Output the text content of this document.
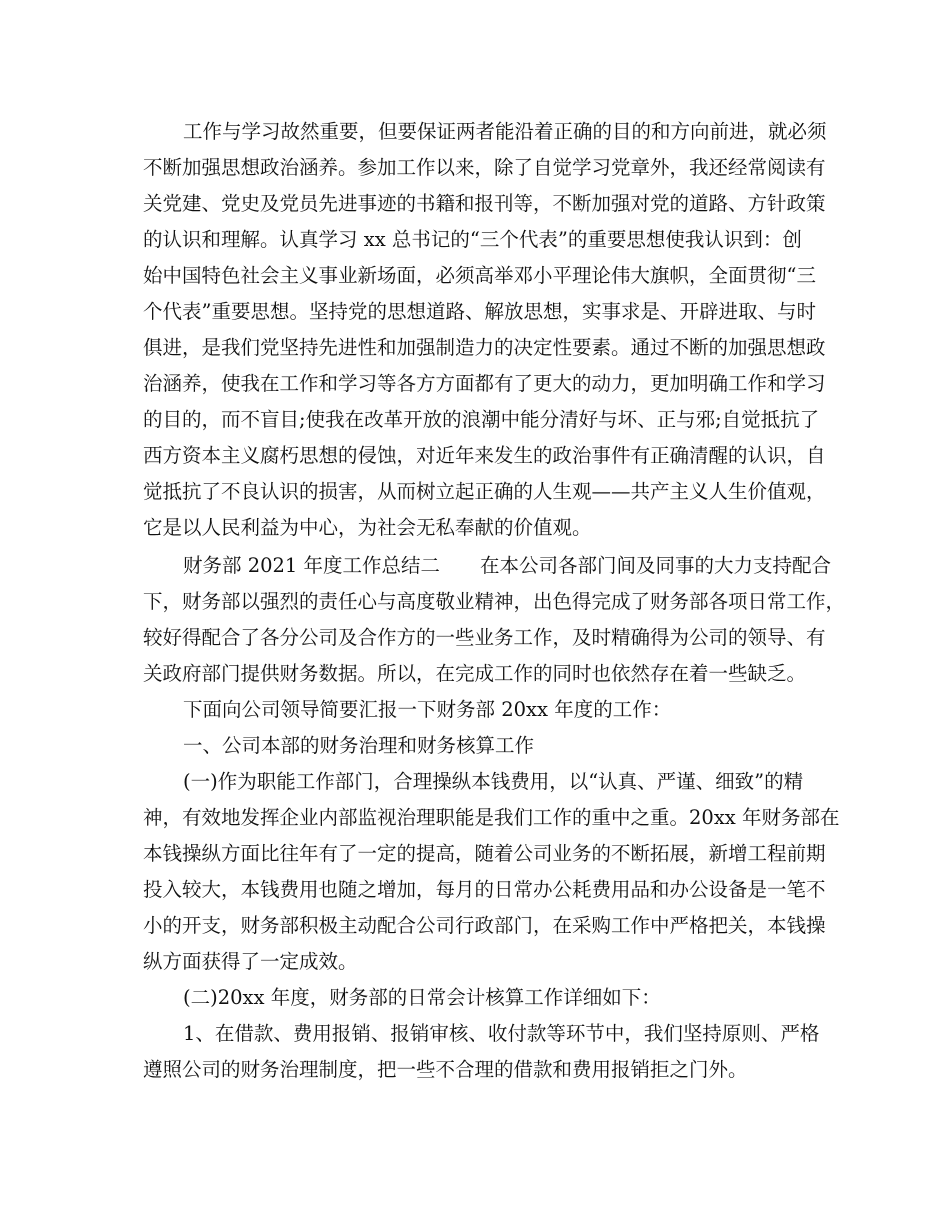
工作与学习故然重要，但要保证两者能沿着正确的目的和方向前进，就必须
不断加强思想政治涵养。参加工作以来，除了自觉学习党章外，我还经常阅读有
关党建、党史及党员先进事迹的书籍和报刊等，不断加强对党的道路、方针政策
的认识和理解。认真学习 xx 总书记的“三个代表”的重要思想使我认识到：创
始中国特色社会主义事业新场面，必须高举邓小平理论伟大旗帜，全面贯彻“三
个代表”重要思想。坚持党的思想道路、解放思想，实事求是、开辟进取、与时
俱进，是我们党坚持先进性和加强制造力的决定性要素。通过不断的加强思想政
治涵养，使我在工作和学习等各方方面都有了更大的动力，更加明确工作和学习
的目的，而不盲目;使我在改革开放的浪潮中能分清好与坏、正与邪;自觉抵抗了
西方资本主义腐朽思想的侵蚀，对近年来发生的政治事件有正确清醒的认识，自
觉抵抗了不良认识的损害，从而树立起正确的人生观——共产主义人生价值观，
它是以人民利益为中心，为社会无私奉献的价值观。
财务部 2021 年度工作总结二 在本公司各部门间及同事的大力支持配合
下，财务部以强烈的责任心与高度敬业精神，出色得完成了财务部各项日常工作，
较好得配合了各分公司及合作方的一些业务工作，及时精确得为公司的领导、有
关政府部门提供财务数据。所以，在完成工作的同时也依然存在着一些缺乏。
下面向公司领导简要汇报一下财务部 20xx 年度的工作：
一、公司本部的财务治理和财务核算工作
(一)作为职能工作部门，合理操纵本钱费用，以“认真、严谨、细致”的精
神，有效地发挥企业内部监视治理职能是我们工作的重中之重。20xx 年财务部在
本钱操纵方面比往年有了一定的提高，随着公司业务的不断拓展，新增工程前期
投入较大，本钱费用也随之增加，每月的日常办公耗费用品和办公设备是一笔不
小的开支，财务部积极主动配合公司行政部门，在采购工作中严格把关，本钱操
纵方面获得了一定成效。
(二)20xx 年度，财务部的日常会计核算工作详细如下：
1、在借款、费用报销、报销审核、收付款等环节中，我们坚持原则、严格
遵照公司的财务治理制度，把一些不合理的借款和费用报销拒之门外。
